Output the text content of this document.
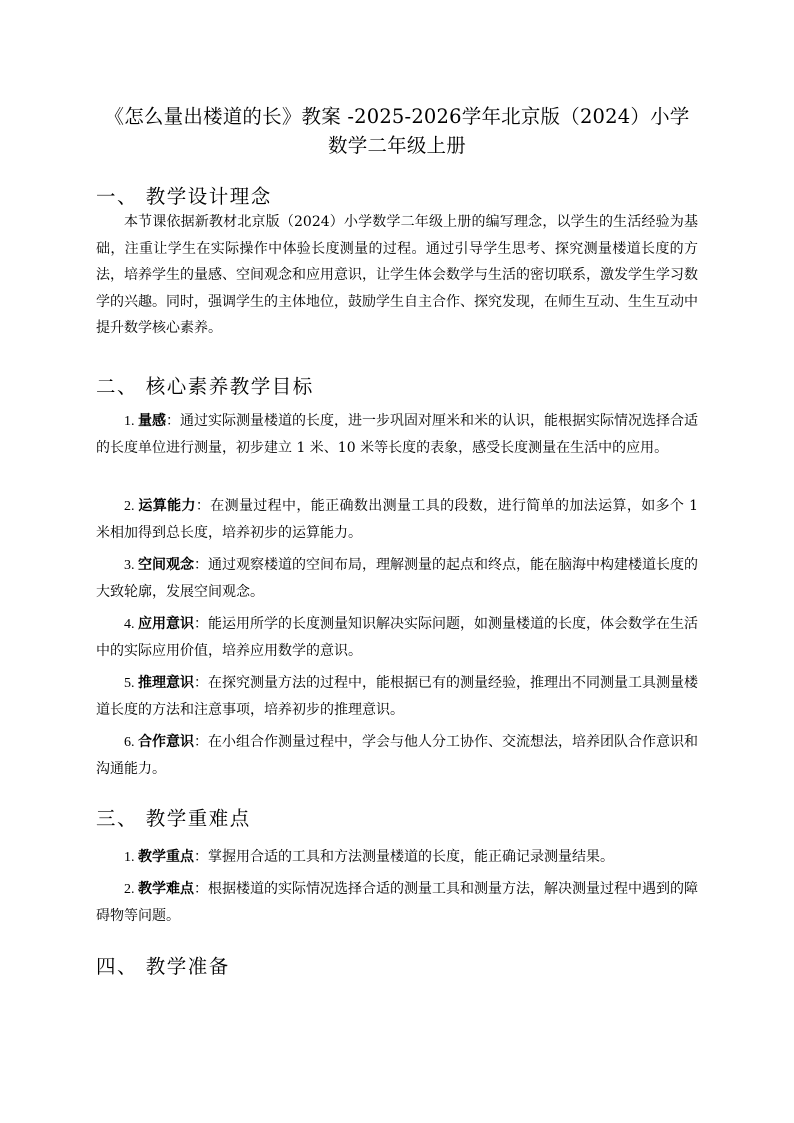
《怎么量出楼道的长》教案 -2025-2026学年北京版（2024）小学数学二年级上册
一、 教学设计理念
本节课依据新教材北京版（2024）小学数学二年级上册的编写理念，以学生的生活经验为基础，注重让学生在实际操作中体验长度测量的过程。通过引导学生思考、探究测量楼道长度的方法，培养学生的量感、空间观念和应用意识，让学生体会数学与生活的密切联系，激发学生学习数学的兴趣。同时，强调学生的主体地位，鼓励学生自主合作、探究发现，在师生互动、生生互动中提升数学核心素养。
二、 核心素养教学目标
1. 量感：通过实际测量楼道的长度，进一步巩固对厘米和米的认识，能根据实际情况选择合适的长度单位进行测量，初步建立 1 米、10 米等长度的表象，感受长度测量在生活中的应用。
2. 运算能力：在测量过程中，能正确数出测量工具的段数，进行简单的加法运算，如多个 1 米相加得到总长度，培养初步的运算能力。
3. 空间观念：通过观察楼道的空间布局，理解测量的起点和终点，能在脑海中构建楼道长度的大致轮廓，发展空间观念。
4. 应用意识：能运用所学的长度测量知识解决实际问题，如测量楼道的长度，体会数学在生活中的实际应用价值，培养应用数学的意识。
5. 推理意识：在探究测量方法的过程中，能根据已有的测量经验，推理出不同测量工具测量楼道长度的方法和注意事项，培养初步的推理意识。
6. 合作意识：在小组合作测量过程中，学会与他人分工协作、交流想法，培养团队合作意识和沟通能力。
三、 教学重难点
1. 教学重点：掌握用合适的工具和方法测量楼道的长度，能正确记录测量结果。
2. 教学难点：根据楼道的实际情况选择合适的测量工具和测量方法，解决测量过程中遇到的障碍物等问题。
四、 教学准备
